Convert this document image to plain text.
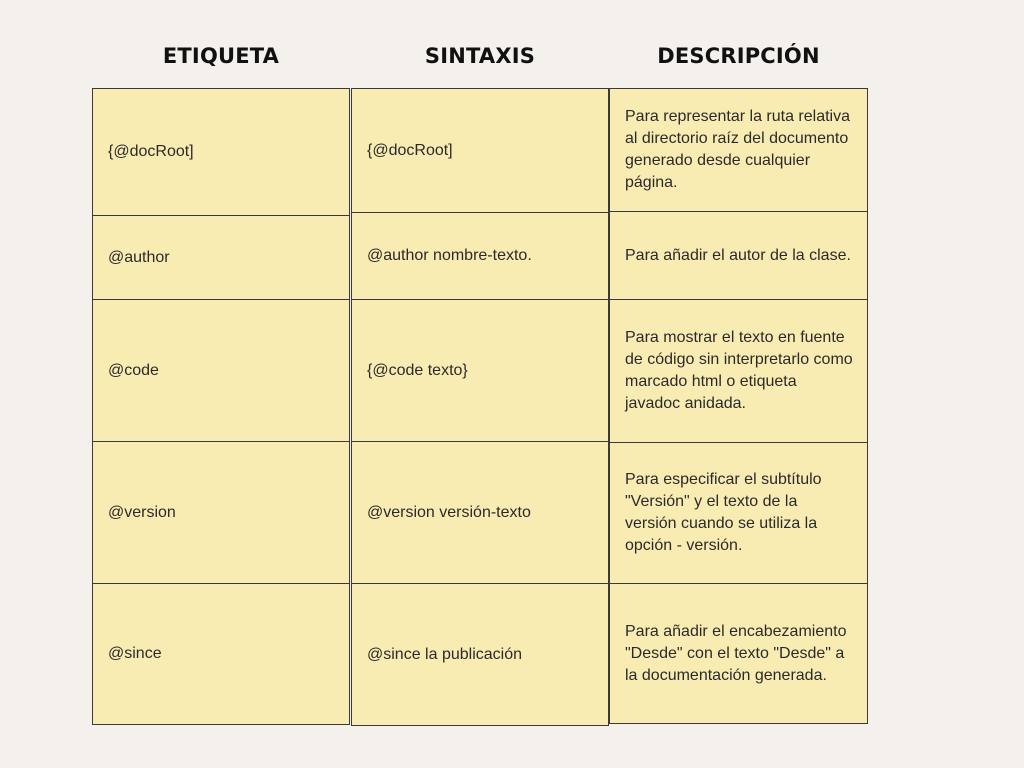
ETIQUETA	SINTAXIS	DESCRIPCIÓN
{@docRoot]
@author
@code
@version
@since
{@docRoot]
@author nombre-texto.
{@code texto}
@version versión-texto
@since la publicación
Para representar la ruta relativa al directorio raíz del documento generado desde cualquier página.
Para añadir el autor de la clase.
Para mostrar el texto en fuente de código sin interpretarlo como marcado html o etiqueta javadoc anidada.
Para especificar el subtítulo "Versión" y el texto de la versión cuando se utiliza la opción - versión.
Para añadir el encabezamiento "Desde" con el texto "Desde" a la documentación generada.
